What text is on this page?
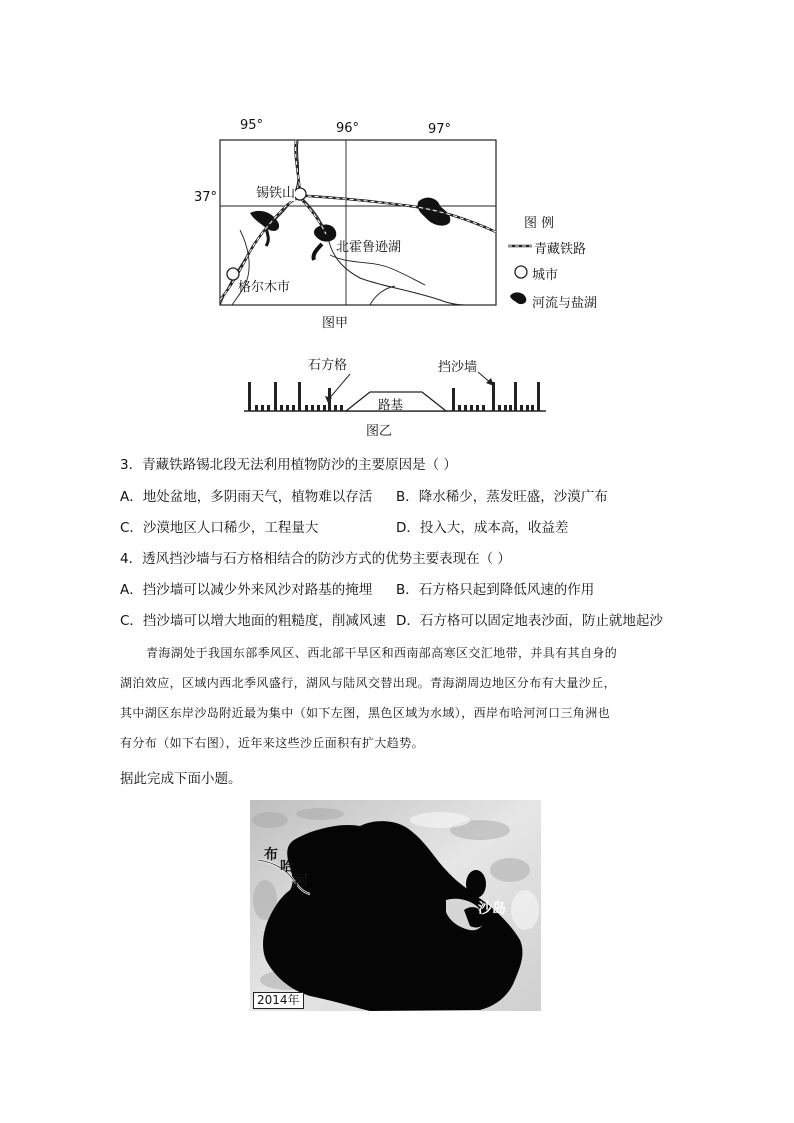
95°	96°	97°
37°	锡铁山
北霍鲁逊湖
格尔木市
图 例
青藏铁路
城市
河流与盐湖
图甲
石方格	挡沙墙
路基
图乙
3．青藏铁路锡北段无法利用植物防沙的主要原因是（ ）
A．地处盆地，多阴雨天气，植物难以存活 B．降水稀少，蒸发旺盛，沙漠广布
C．沙漠地区人口稀少，工程量大	D．投入大，成本高，收益差
4．透风挡沙墙与石方格相结合的防沙方式的优势主要表现在（ ）
A．挡沙墙可以减少外来风沙对路基的掩埋 B．石方格只起到降低风速的作用
C．挡沙墙可以增大地面的粗糙度，削减风速 D．石方格可以固定地表沙面，防止就地起沙
青海湖处于我国东部季风区、西北部干旱区和西南部高寒区交汇地带，并具有其自身的
湖泊效应，区域内西北季风盛行，湖风与陆风交替出现。青海湖周边地区分布有大量沙丘，
其中湖区东岸沙岛附近最为集中（如下左图，黑色区域为水域），西岸布哈河河口三角洲也
有分布（如下右图），近年来这些沙丘面积有扩大趋势。
据此完成下面小题。
布
哈
河
沙岛
2014年
